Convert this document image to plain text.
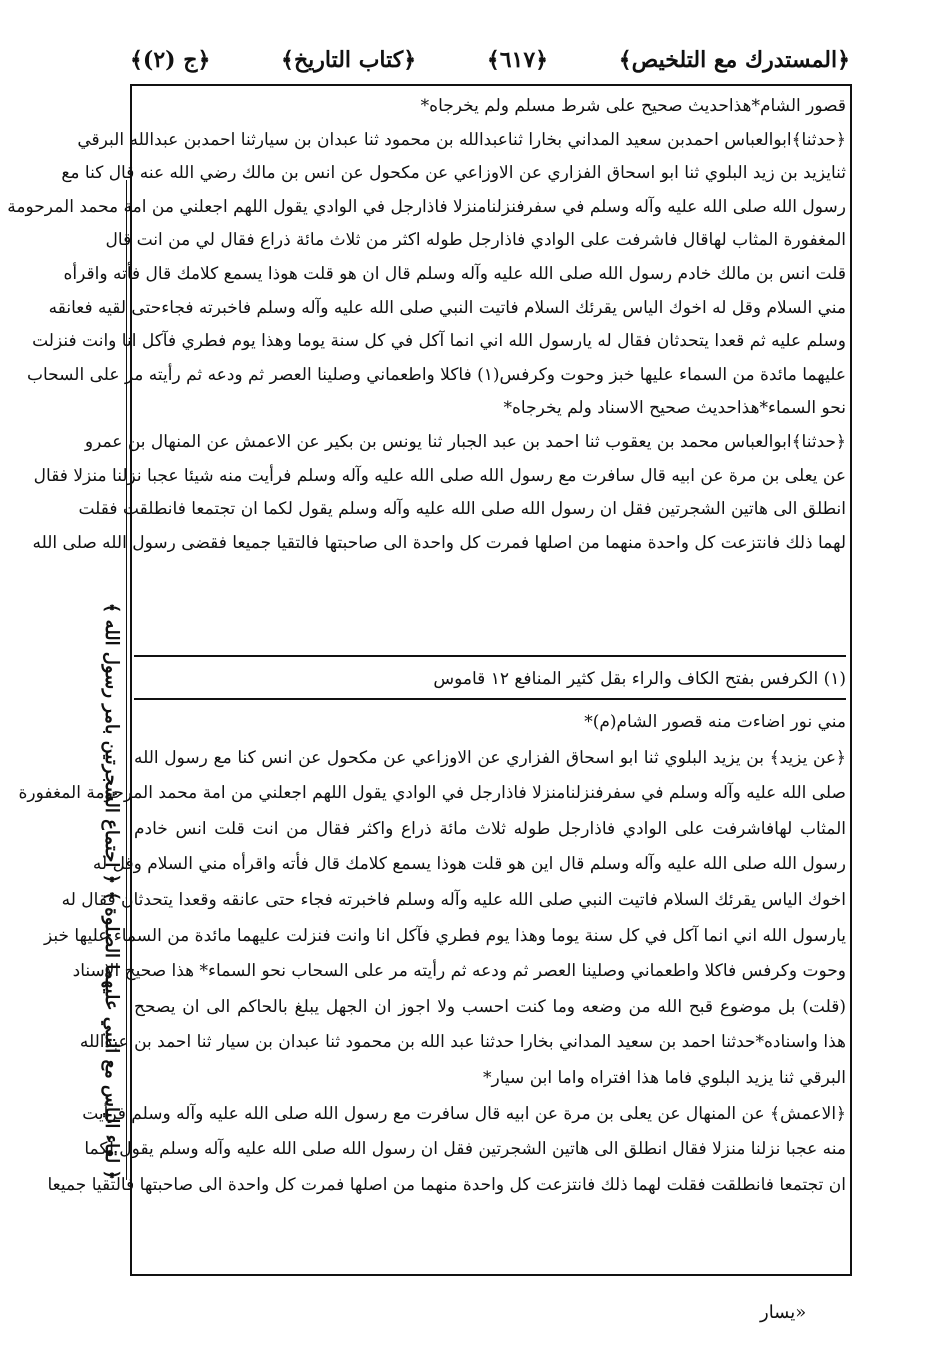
﴿المستدرك مع التلخيص﴾
﴿٦١٧﴾
﴿كتاب التاريخ﴾
﴿ج (٢)﴾
﴿ لقاء الياس مع النبي عليهما الصلوة ﴾ ﴿ اجتماع الشجرتين بامر رسول الله ﴾
قصور الشام*هذاحديث صحيح على شرط مسلم ولم يخرجاه*
﴿حدثنا﴾ابوالعباس احمدبن سعيد المداني بخارا ثناعبدالله بن محمود ثنا عبدان بن سيارثنا احمدبن عبدالله البرقي
ثنايزيد بن زيد البلوي ثنا ابو اسحاق الفزاري عن الاوزاعي عن مكحول عن انس بن مالك رضي الله عنه قال كنا مع
رسول الله صلى الله عليه وآله وسلم في سفرفنزلنامنزلا فاذارجل في الوادي يقول اللهم اجعلني من امة محمد المرحومة
المغفورة المثاب لهاقال فاشرفت على الوادي فاذارجل طوله اكثر من ثلاث مائة ذراع فقال لي من انت قال
قلت انس بن مالك خادم رسول الله صلى الله عليه وآله وسلم قال ان هو قلت هوذا يسمع كلامك قال فأته واقرأه
مني السلام وقل له اخوك الياس يقرئك السلام فاتيت النبي صلى الله عليه وآله وسلم فاخبرته فجاءحتى لقيه فعانقه
وسلم عليه ثم قعدا يتحدثان فقال له يارسول الله اني انما آكل في كل سنة يوما وهذا يوم فطري فآكل انا وانت فنزلت
عليهما مائدة من السماء عليها خبز وحوت وكرفس(١) فاكلا واطعماني وصلينا العصر ثم ودعه ثم رأيته مر على السحاب
نحو السماء*هذاحديث صحيح الاسناد ولم يخرجاه*
﴿حدثنا﴾ابوالعباس محمد بن يعقوب ثنا احمد بن عبد الجبار ثنا يونس بن بكير عن الاعمش عن المنهال بن عمرو
عن يعلى بن مرة عن ابيه قال سافرت مع رسول الله صلى الله عليه وآله وسلم فرأيت منه شيئا عجبا نزلنا منزلا فقال
انطلق الى هاتين الشجرتين فقل ان رسول الله صلى الله عليه وآله وسلم يقول لكما ان تجتمعا فانطلقت فقلت
لهما ذلك فانتزعت كل واحدة منهما من اصلها فمرت كل واحدة الى صاحبتها فالتقيا جميعا فقضى رسول الله صلى الله
(١) الكرفس بفتح الكاف والراء بقل كثير المنافع ١٢ قاموس
مني نور اضاءت منه قصور الشام(م)*
﴿عن يزيد﴾ بن يزيد البلوي ثنا ابو اسحاق الفزاري عن الاوزاعي عن مكحول عن انس كنا مع رسول الله
صلى الله عليه وآله وسلم في سفرفنزلنامنزلا فاذارجل في الوادي يقول اللهم اجعلني من امة محمد المرحومة المغفورة
المثاب لهافاشرفت على الوادي فاذارجل طوله ثلاث مائة ذراع واكثر فقال من انت قلت انس خادم
رسول الله صلى الله عليه وآله وسلم قال اين هو قلت هوذا يسمع كلامك قال فأته واقرأه مني السلام وقل له
اخوك الياس يقرئك السلام فاتيت النبي صلى الله عليه وآله وسلم فاخبرته فجاء حتى عانقه وقعدا يتحدثان فقال له
يارسول الله اني انما آكل في كل سنة يوما وهذا يوم فطري فآكل انا وانت فنزلت عليهما مائدة من السماء عليها خبز
وحوت وكرفس فاكلا واطعماني وصلينا العصر ثم ودعه ثم رأيته مر على السحاب نحو السماء* هذا صحيح الاسناد
(قلت) بل موضوع قبح الله من وضعه وما كنت احسب ولا اجوز ان الجهل يبلغ بالحاكم الى ان يصحح
هذا واسناده*حدثنا احمد بن سعيد المداني بخارا حدثنا عبد الله بن محمود ثنا عبدان بن سيار ثنا احمد بن عبدالله
البرقي ثنا يزيد البلوي فاما هذا افتراه واما ابن سيار*
﴿الاعمش﴾ عن المنهال عن يعلى بن مرة عن ابيه قال سافرت مع رسول الله صلى الله عليه وآله وسلم فرأيت
منه عجبا نزلنا منزلا فقال انطلق الى هاتين الشجرتين فقل ان رسول الله صلى الله عليه وآله وسلم يقول لكما
ان تجتمعا فانطلقت فقلت لهما ذلك فانتزعت كل واحدة منهما من اصلها فمرت كل واحدة الى صاحبتها فالتقيا جميعا
«يسار
